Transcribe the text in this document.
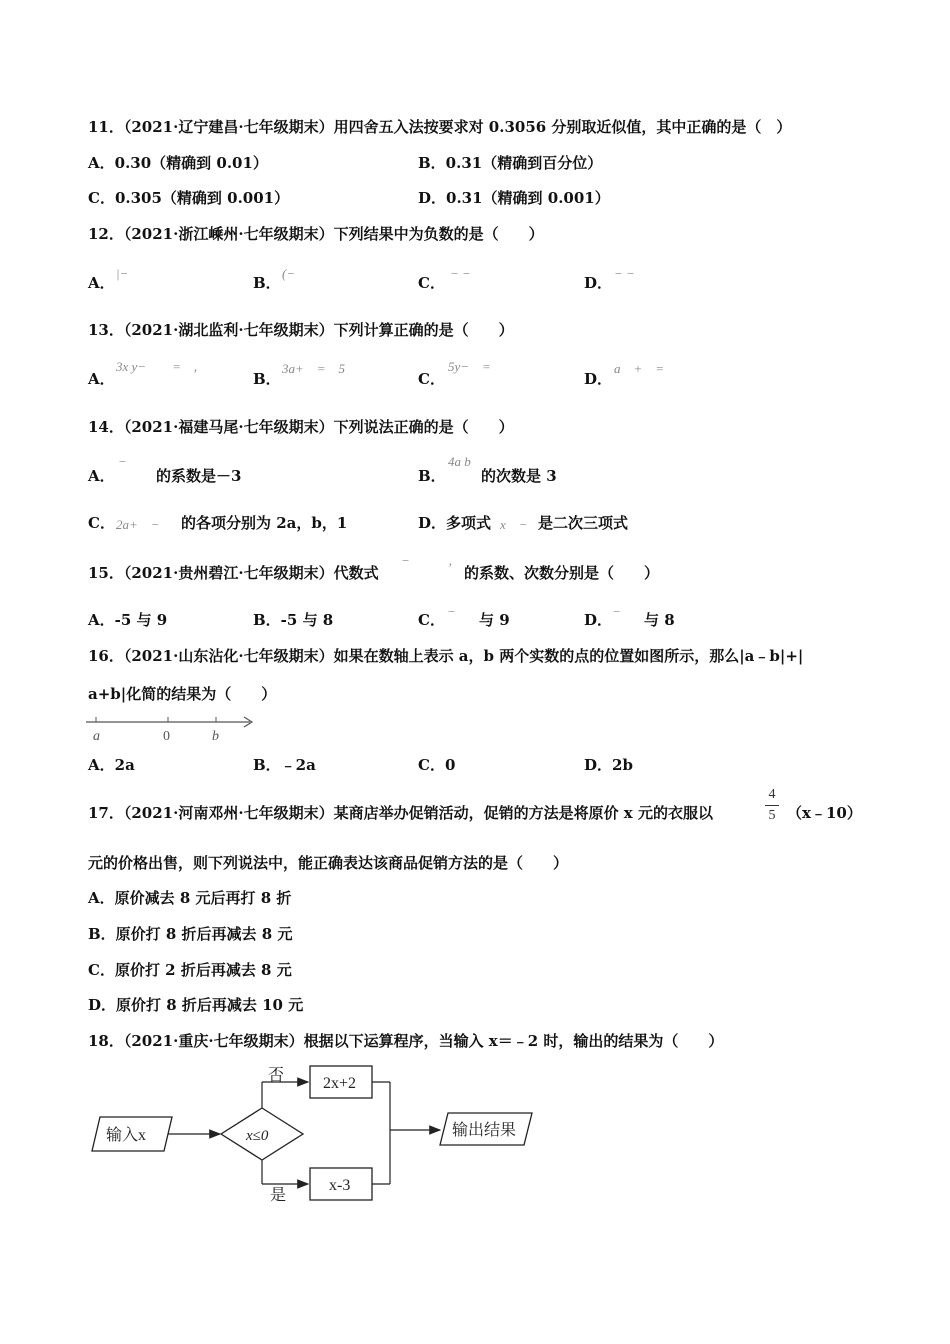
11．（2021·辽宁建昌·七年级期末）用四舍五入法按要求对 0.3056 分别取近似值，其中正确的是（　）
A．0.30（精确到 0.01）	B．0.31（精确到百分位）
C．0.305（精确到 0.001）	D．0.31（精确到 0.001）
12．（2021·浙江嵊州·七年级期末）下列结果中为负数的是（　　）
A．
|−
B．
(−
C．
− −
D．
− −
13．（2021·湖北监利·七年级期末）下列计算正确的是（　　）
A．
3x y−　　=　,
B．
3a+　=　5
C．
5y−　=
D．
a　+　=
14．（2021·福建马尾·七年级期末）下列说法正确的是（　　）
A．
−
的系数是－3	B．
4a b
的次数是 3
C． 2a+　− 的各项分别为 2a，b，1	D．多项式 x　− 是二次三项式
15．（2021·贵州碧江·七年级期末）代数式
−　　　,
的系数、次数分别是（　　）
A．-5 与 9	B．-5 与 8	C． − 与 9	D． − 与 8
16．（2021·山东沾化·七年级期末）如果在数轴上表示 a，b 两个实数的点的位置如图所示，那么|a﹣b|+|
a+b|化简的结果为（　　）
a	0	b
A．2a	B．﹣2a	C．0	D．2b
17．（2021·河南邓州·七年级期末）某商店举办促销活动，促销的方法是将原价 x 元的衣服以
4
5 （x﹣10）
元的价格出售，则下列说法中，能正确表达该商品促销方法的是（　　）
A．原价减去 8 元后再打 8 折
B．原价打 8 折后再减去 8 元
C．原价打 2 折后再减去 8 元
D．原价打 8 折后再减去 10 元
18．（2021·重庆·七年级期末）根据以下运算程序，当输入 x＝﹣2 时，输出的结果为（　　）
输入x	x≤0
否 2x+2
是
x-3
输出结果
